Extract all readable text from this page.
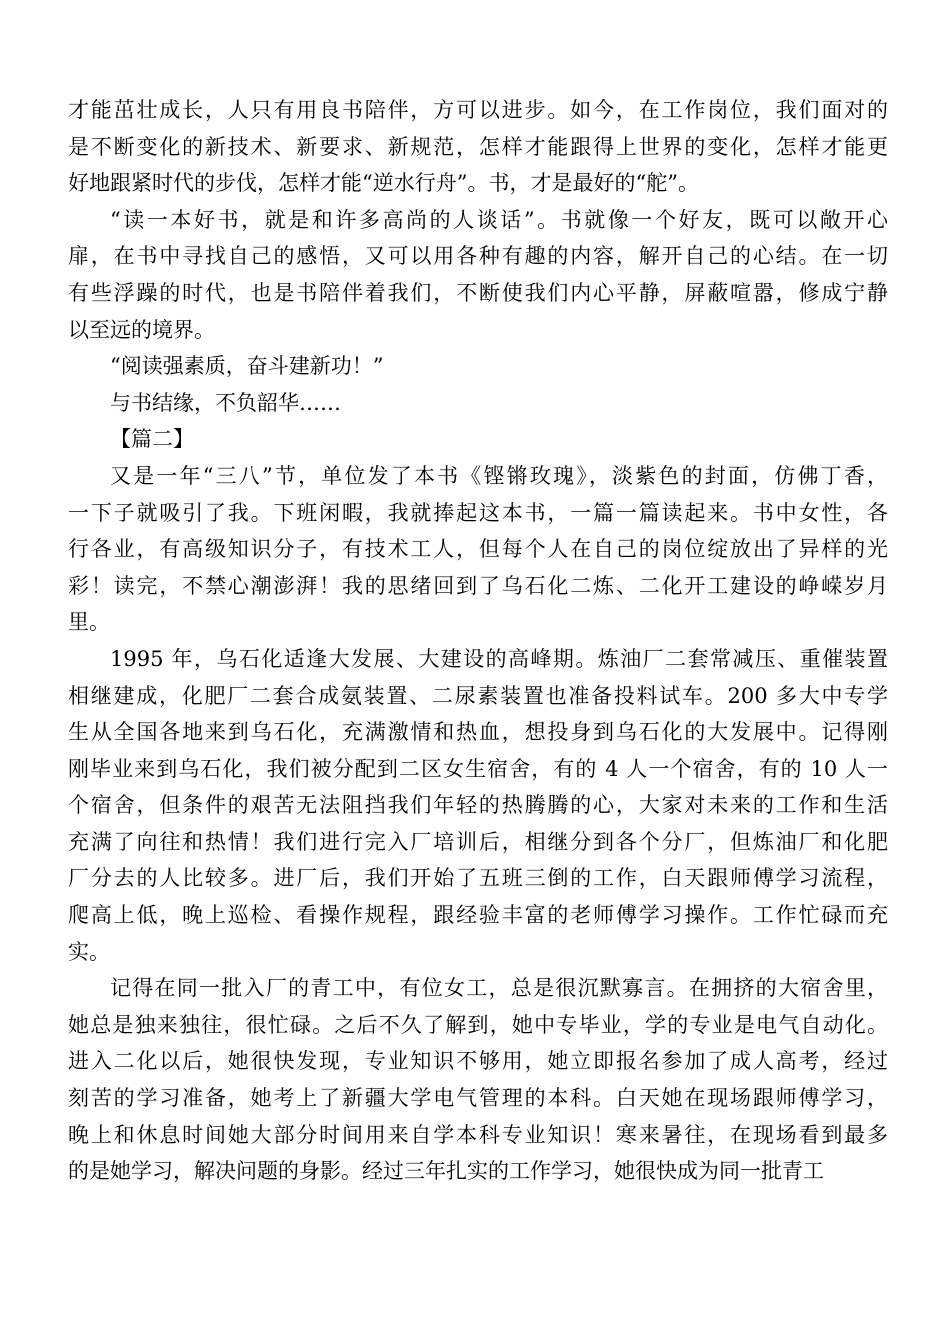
才能茁壮成长，人只有用良书陪伴，方可以进步。如今，在工作岗位，我们面对的
是不断变化的新技术、新要求、新规范，怎样才能跟得上世界的变化，怎样才能更
好地跟紧时代的步伐，怎样才能“逆水行舟”。书，才是最好的“舵”。
“读一本好书，就是和许多高尚的人谈话”。书就像一个好友，既可以敞开心
扉，在书中寻找自己的感悟，又可以用各种有趣的内容，解开自己的心结。在一切
有些浮躁的时代，也是书陪伴着我们，不断使我们内心平静，屏蔽喧嚣，修成宁静
以至远的境界。
“阅读强素质，奋斗建新功！”
与书结缘，不负韶华……
【篇二】
又是一年“三八”节，单位发了本书《铿锵玫瑰》，淡紫色的封面，仿佛丁香，
一下子就吸引了我。下班闲暇，我就捧起这本书，一篇一篇读起来。书中女性，各
行各业，有高级知识分子，有技术工人，但每个人在自己的岗位绽放出了异样的光
彩！读完，不禁心潮澎湃！我的思绪回到了乌石化二炼、二化开工建设的峥嵘岁月
里。
1995 年，乌石化适逢大发展、大建设的高峰期。炼油厂二套常减压、重催装置
相继建成，化肥厂二套合成氨装置、二尿素装置也准备投料试车。200 多大中专学
生从全国各地来到乌石化，充满激情和热血，想投身到乌石化的大发展中。记得刚
刚毕业来到乌石化，我们被分配到二区女生宿舍，有的 4 人一个宿舍，有的 10 人一
个宿舍，但条件的艰苦无法阻挡我们年轻的热腾腾的心，大家对未来的工作和生活
充满了向往和热情！我们进行完入厂培训后，相继分到各个分厂，但炼油厂和化肥
厂分去的人比较多。进厂后，我们开始了五班三倒的工作，白天跟师傅学习流程，
爬高上低，晚上巡检、看操作规程，跟经验丰富的老师傅学习操作。工作忙碌而充
实。
记得在同一批入厂的青工中，有位女工，总是很沉默寡言。在拥挤的大宿舍里，
她总是独来独往，很忙碌。之后不久了解到，她中专毕业，学的专业是电气自动化。
进入二化以后，她很快发现，专业知识不够用，她立即报名参加了成人高考，经过
刻苦的学习准备，她考上了新疆大学电气管理的本科。白天她在现场跟师傅学习，
晚上和休息时间她大部分时间用来自学本科专业知识！寒来暑往，在现场看到最多
的是她学习，解决问题的身影。经过三年扎实的工作学习，她很快成为同一批青工
